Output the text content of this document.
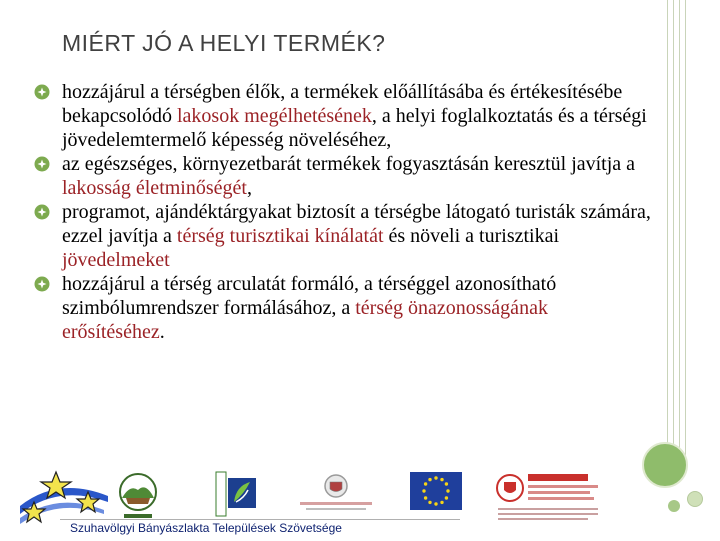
MIÉRT JÓ A HELYI TERMÉK?
hozzájárul a térségben élők, a termékek előállításába és értékesítésébe bekapcsolódó lakosok megélhetésének, a helyi foglalkoztatás és a térségi jövedelemtermelő képesség növeléséhez,
az egészséges, környezetbarát termékek fogyasztásán keresztül javítja a lakosság életminőségét,
programot, ajándéktárgyakat biztosít a térségbe látogató turisták számára, ezzel javítja a térség turisztikai kínálatát és növeli a turisztikai jövedelmeket
hozzájárul a térség arculatát formáló, a térséggel azonosítható szimbólumrendszer formálásához, a térség önazonosságának erősítéséhez.
Szuhavölgyi Bányászlakta Települések Szövetsége
